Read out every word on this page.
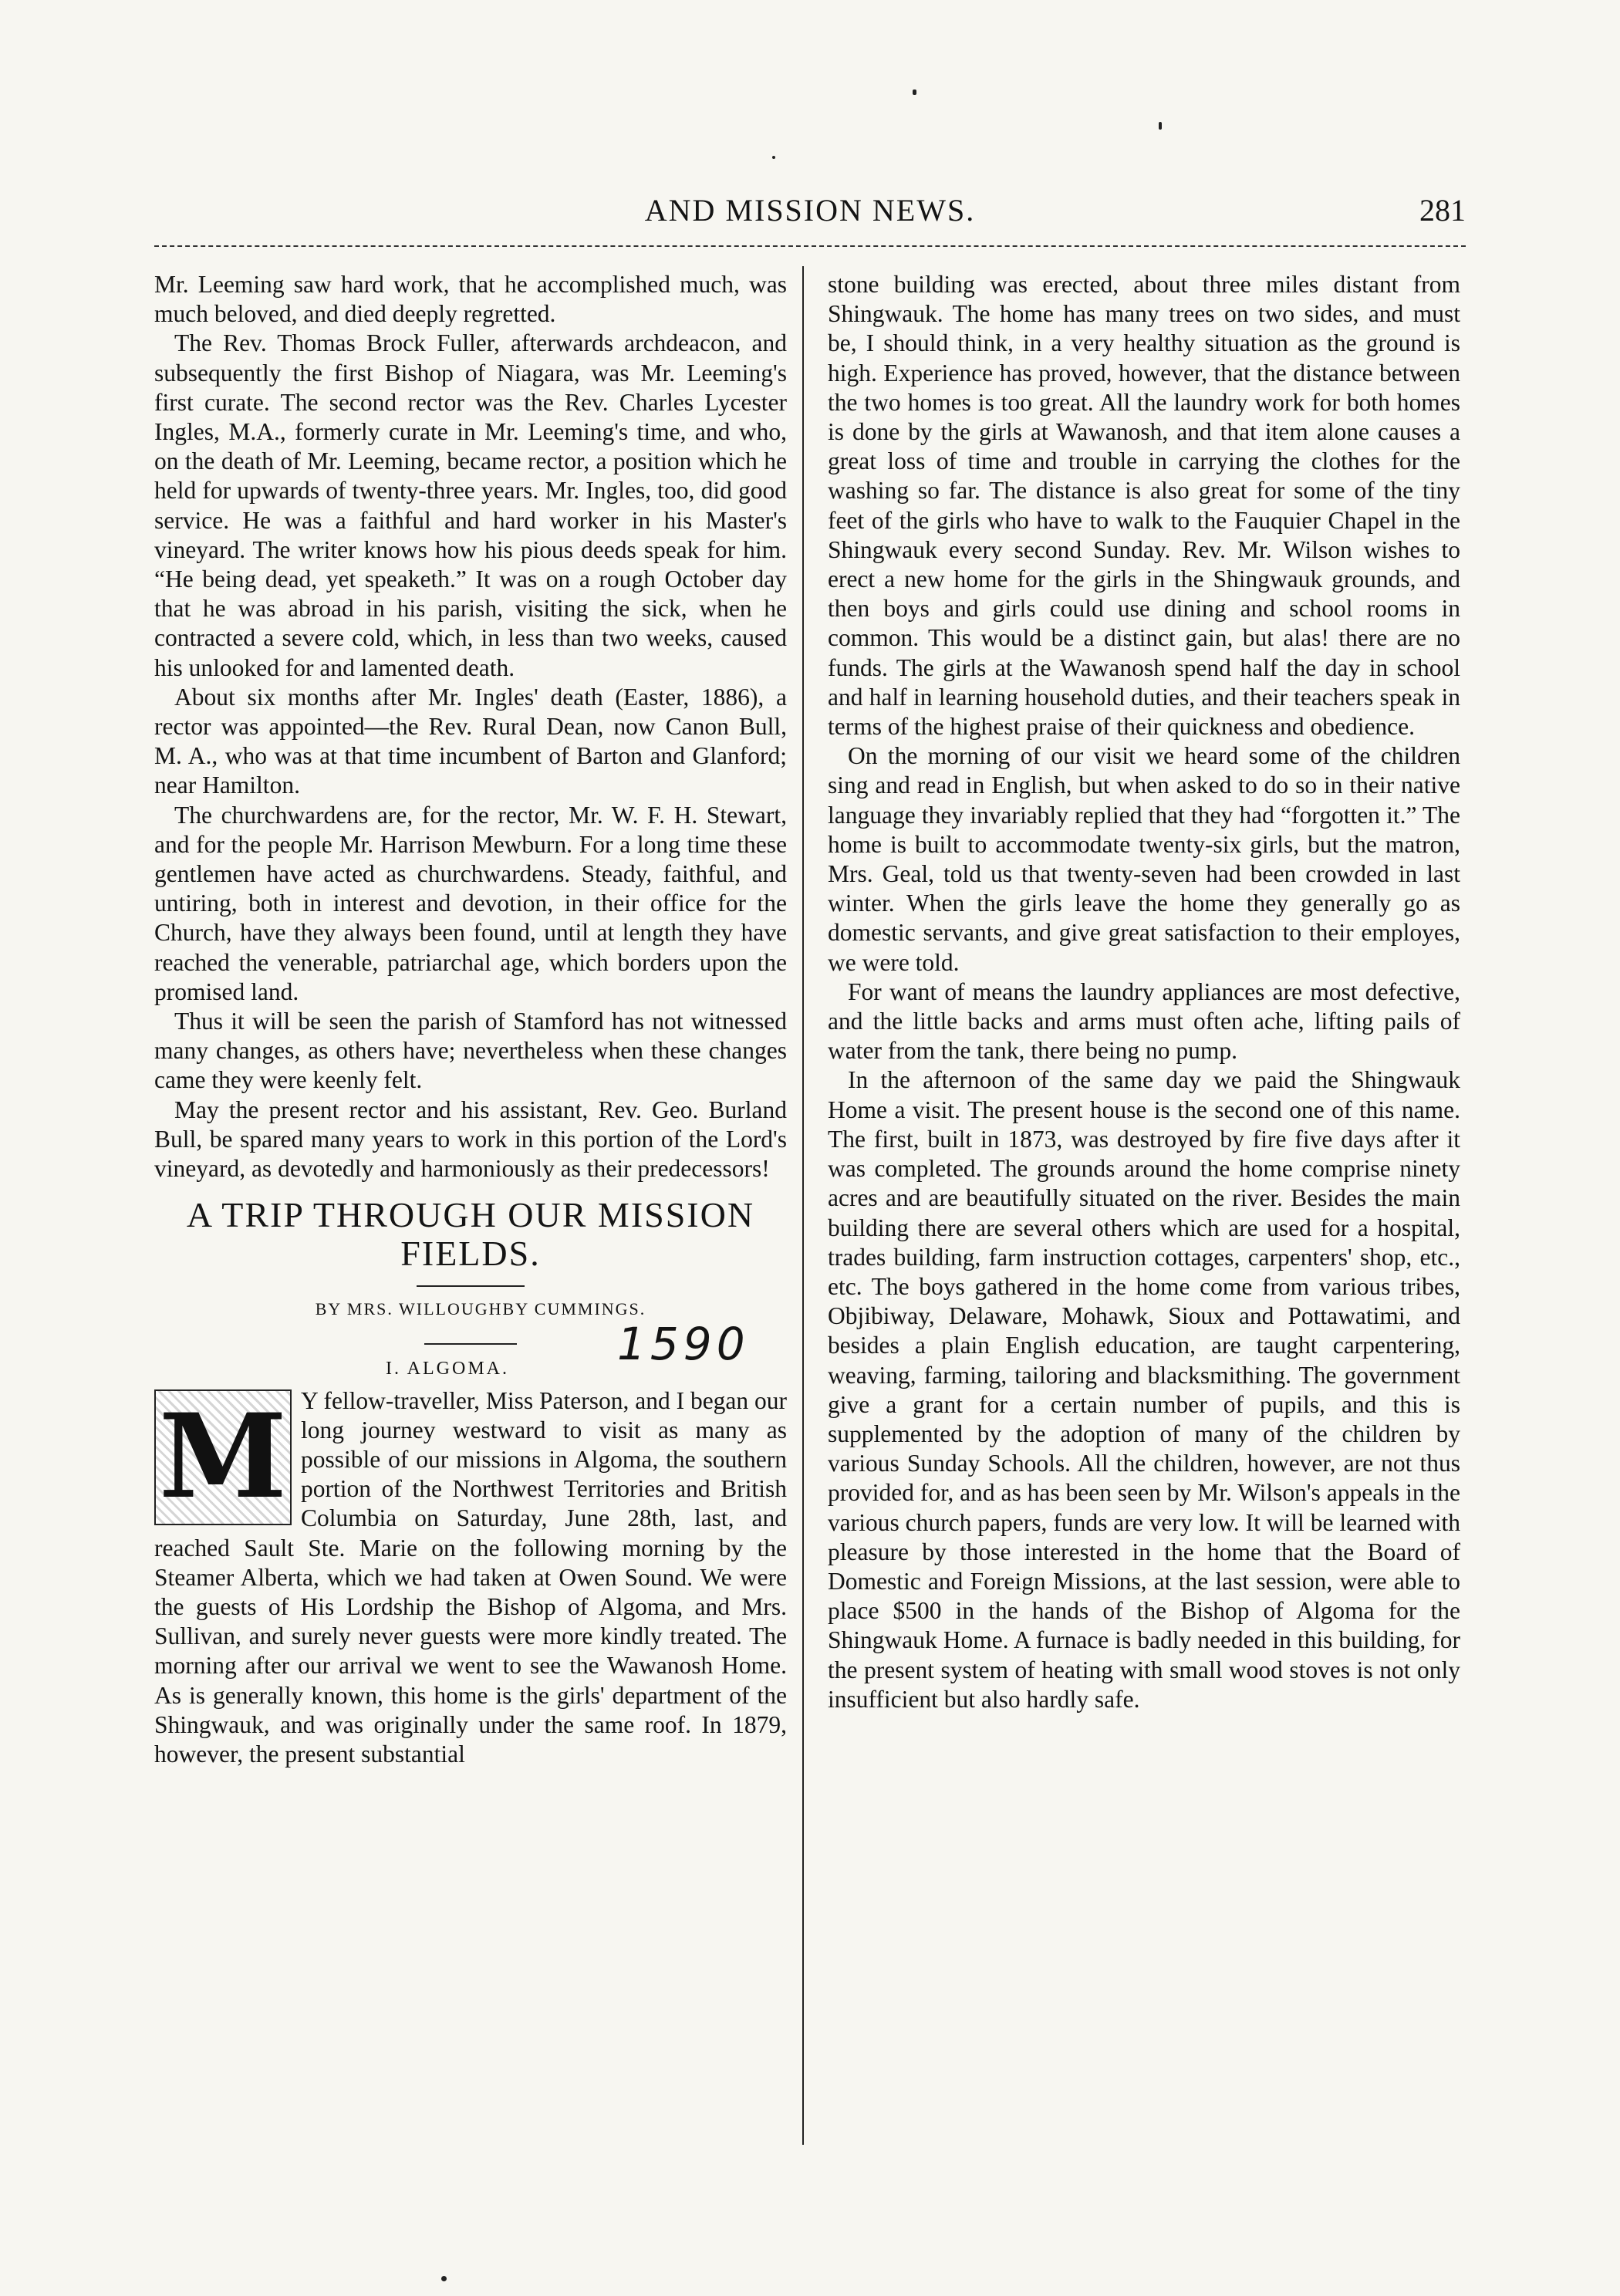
AND MISSION NEWS.	281

Mr. Leeming saw hard work, that he accomplished much, was much beloved, and died deeply regretted.

The Rev. Thomas Brock Fuller, afterwards archdeacon, and subsequently the first Bishop of Niagara, was Mr. Leeming's first curate. The second rector was the Rev. Charles Lycester Ingles, M.A., formerly curate in Mr. Leeming's time, and who, on the death of Mr. Leeming, became rector, a position which he held for upwards of twenty-three years. Mr. Ingles, too, did good service. He was a faithful and hard worker in his Master's vineyard. The writer knows how his pious deeds speak for him. “He being dead, yet speaketh.” It was on a rough October day that he was abroad in his parish, visiting the sick, when he contracted a severe cold, which, in less than two weeks, caused his unlooked for and lamented death.

About six months after Mr. Ingles' death (Easter, 1886), a rector was appointed—the Rev. Rural Dean, now Canon Bull, M. A., who was at that time incumbent of Barton and Glanford; near Hamilton.

The churchwardens are, for the rector, Mr. W. F. H. Stewart, and for the people Mr. Harrison Mewburn. For a long time these gentlemen have acted as churchwardens. Steady, faithful, and untiring, both in interest and devotion, in their office for the Church, have they always been found, until at length they have reached the venerable, patriarchal age, which borders upon the promised land.

Thus it will be seen the parish of Stamford has not witnessed many changes, as others have; nevertheless when these changes came they were keenly felt.

May the present rector and his assistant, Rev. Geo. Burland Bull, be spared many years to work in this portion of the Lord's vineyard, as devotedly and harmoniously as their predecessors!

A TRIP THROUGH OUR MISSION FIELDS.

BY MRS. WILLOUGHBY CUMMINGS.

I. ALGOMA. 1590

M Y fellow-traveller, Miss Paterson, and I began our long journey westward to visit as many as possible of our missions in Algoma, the southern portion of the Northwest Territories and British Columbia on Saturday, June 28th, last, and reached Sault Ste. Marie on the following morning by the Steamer Alberta, which we had taken at Owen Sound. We were the guests of His Lordship the Bishop of Algoma, and Mrs. Sullivan, and surely never guests were more kindly treated. The morning after our arrival we went to see the Wawanosh Home. As is generally known, this home is the girls' department of the Shingwauk, and was originally under the same roof. In 1879, however, the present substantial

stone building was erected, about three miles distant from Shingwauk. The home has many trees on two sides, and must be, I should think, in a very healthy situation as the ground is high. Experience has proved, however, that the distance between the two homes is too great. All the laundry work for both homes is done by the girls at Wawanosh, and that item alone causes a great loss of time and trouble in carrying the clothes for the washing so far. The distance is also great for some of the tiny feet of the girls who have to walk to the Fauquier Chapel in the Shingwauk every second Sunday. Rev. Mr. Wilson wishes to erect a new home for the girls in the Shingwauk grounds, and then boys and girls could use dining and school rooms in common. This would be a distinct gain, but alas! there are no funds. The girls at the Wawanosh spend half the day in school and half in learning household duties, and their teachers speak in terms of the highest praise of their quickness and obedience.

On the morning of our visit we heard some of the children sing and read in English, but when asked to do so in their native language they invariably replied that they had “forgotten it.” The home is built to accommodate twenty-six girls, but the matron, Mrs. Geal, told us that twenty-seven had been crowded in last winter. When the girls leave the home they generally go as domestic servants, and give great satisfaction to their employes, we were told.

For want of means the laundry appliances are most defective, and the little backs and arms must often ache, lifting pails of water from the tank, there being no pump.

In the afternoon of the same day we paid the Shingwauk Home a visit. The present house is the second one of this name. The first, built in 1873, was destroyed by fire five days after it was completed. The grounds around the home comprise ninety acres and are beautifully situated on the river. Besides the main building there are several others which are used for a hospital, trades building, farm instruction cottages, carpenters' shop, etc., etc. The boys gathered in the home come from various tribes, Objibiway, Delaware, Mohawk, Sioux and Pottawatimi, and besides a plain English education, are taught carpentering, weaving, farming, tailoring and blacksmithing. The government give a grant for a certain number of pupils, and this is supplemented by the adoption of many of the children by various Sunday Schools. All the children, however, are not thus provided for, and as has been seen by Mr. Wilson's appeals in the various church papers, funds are very low. It will be learned with pleasure by those interested in the home that the Board of Domestic and Foreign Missions, at the last session, were able to place $500 in the hands of the Bishop of Algoma for the Shingwauk Home. A furnace is badly needed in this building, for the present system of heating with small wood stoves is not only insufficient but also hardly safe.
